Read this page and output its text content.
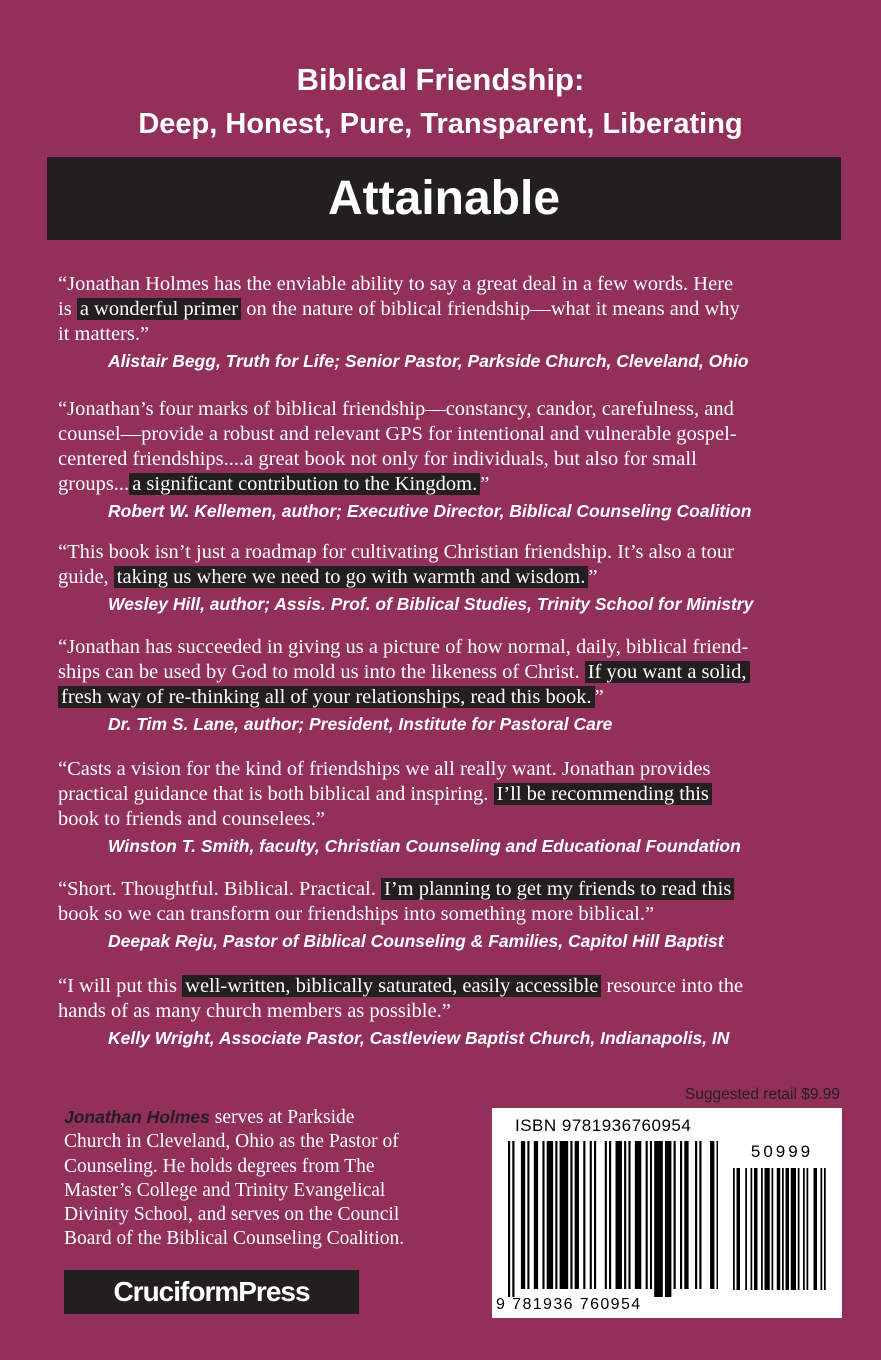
Biblical Friendship:
Deep, Honest, Pure, Transparent, Liberating
Attainable

“Jonathan Holmes has the enviable ability to say a great deal in a few words. Here

is a wonderful primer on the nature of biblical friendship—what it means and why

it matters.”

Alistair Begg, Truth for Life; Senior Pastor, Parkside Church, Cleveland, Ohio

“Jonathan’s four marks of biblical friendship—constancy, candor, carefulness, and

counsel—provide a robust and relevant GPS for intentional and vulnerable gospel-

centered friendships....a great book not only for individuals, but also for small

groups... a significant contribution to the Kingdom. ”

Robert W. Kellemen, author; Executive Director, Biblical Counseling Coalition

“This book isn’t just a roadmap for cultivating Christian friendship. It’s also a tour

guide, taking us where we need to go with warmth and wisdom. ”

Wesley Hill, author; Assis. Prof. of Biblical Studies, Trinity School for Ministry

“Jonathan has succeeded in giving us a picture of how normal, daily, biblical friend-

ships can be used by God to mold us into the likeness of Christ. If you want a solid,

fresh way of re-thinking all of your relationships, read this book. ”

Dr. Tim S. Lane, author; President, Institute for Pastoral Care

“Casts a vision for the kind of friendships we all really want. Jonathan provides

practical guidance that is both biblical and inspiring. I’ll be recommending this

book to friends and counselees.”

Winston T. Smith, faculty, Christian Counseling and Educational Foundation

“Short. Thoughtful. Biblical. Practical. I’m planning to get my friends to read this

book so we can transform our friendships into something more biblical.”

Deepak Reju, Pastor of Biblical Counseling & Families, Capitol Hill Baptist

“I will put this well-written, biblically saturated, easily accessible resource into the

hands of as many church members as possible.”

Kelly Wright, Associate Pastor, Castleview Baptist Church, Indianapolis, IN
Suggested retail $9.99

Jonathan Holmes serves at Parkside

Church in Cleveland, Ohio as the Pastor of

Counseling. He holds degrees from The

Master’s College and Trinity Evangelical

Divinity School, and serves on the Council

Board of the Biblical Counseling Coalition.

CruciformPress
ISBN 9781936760954
50999
9 781936 760954
